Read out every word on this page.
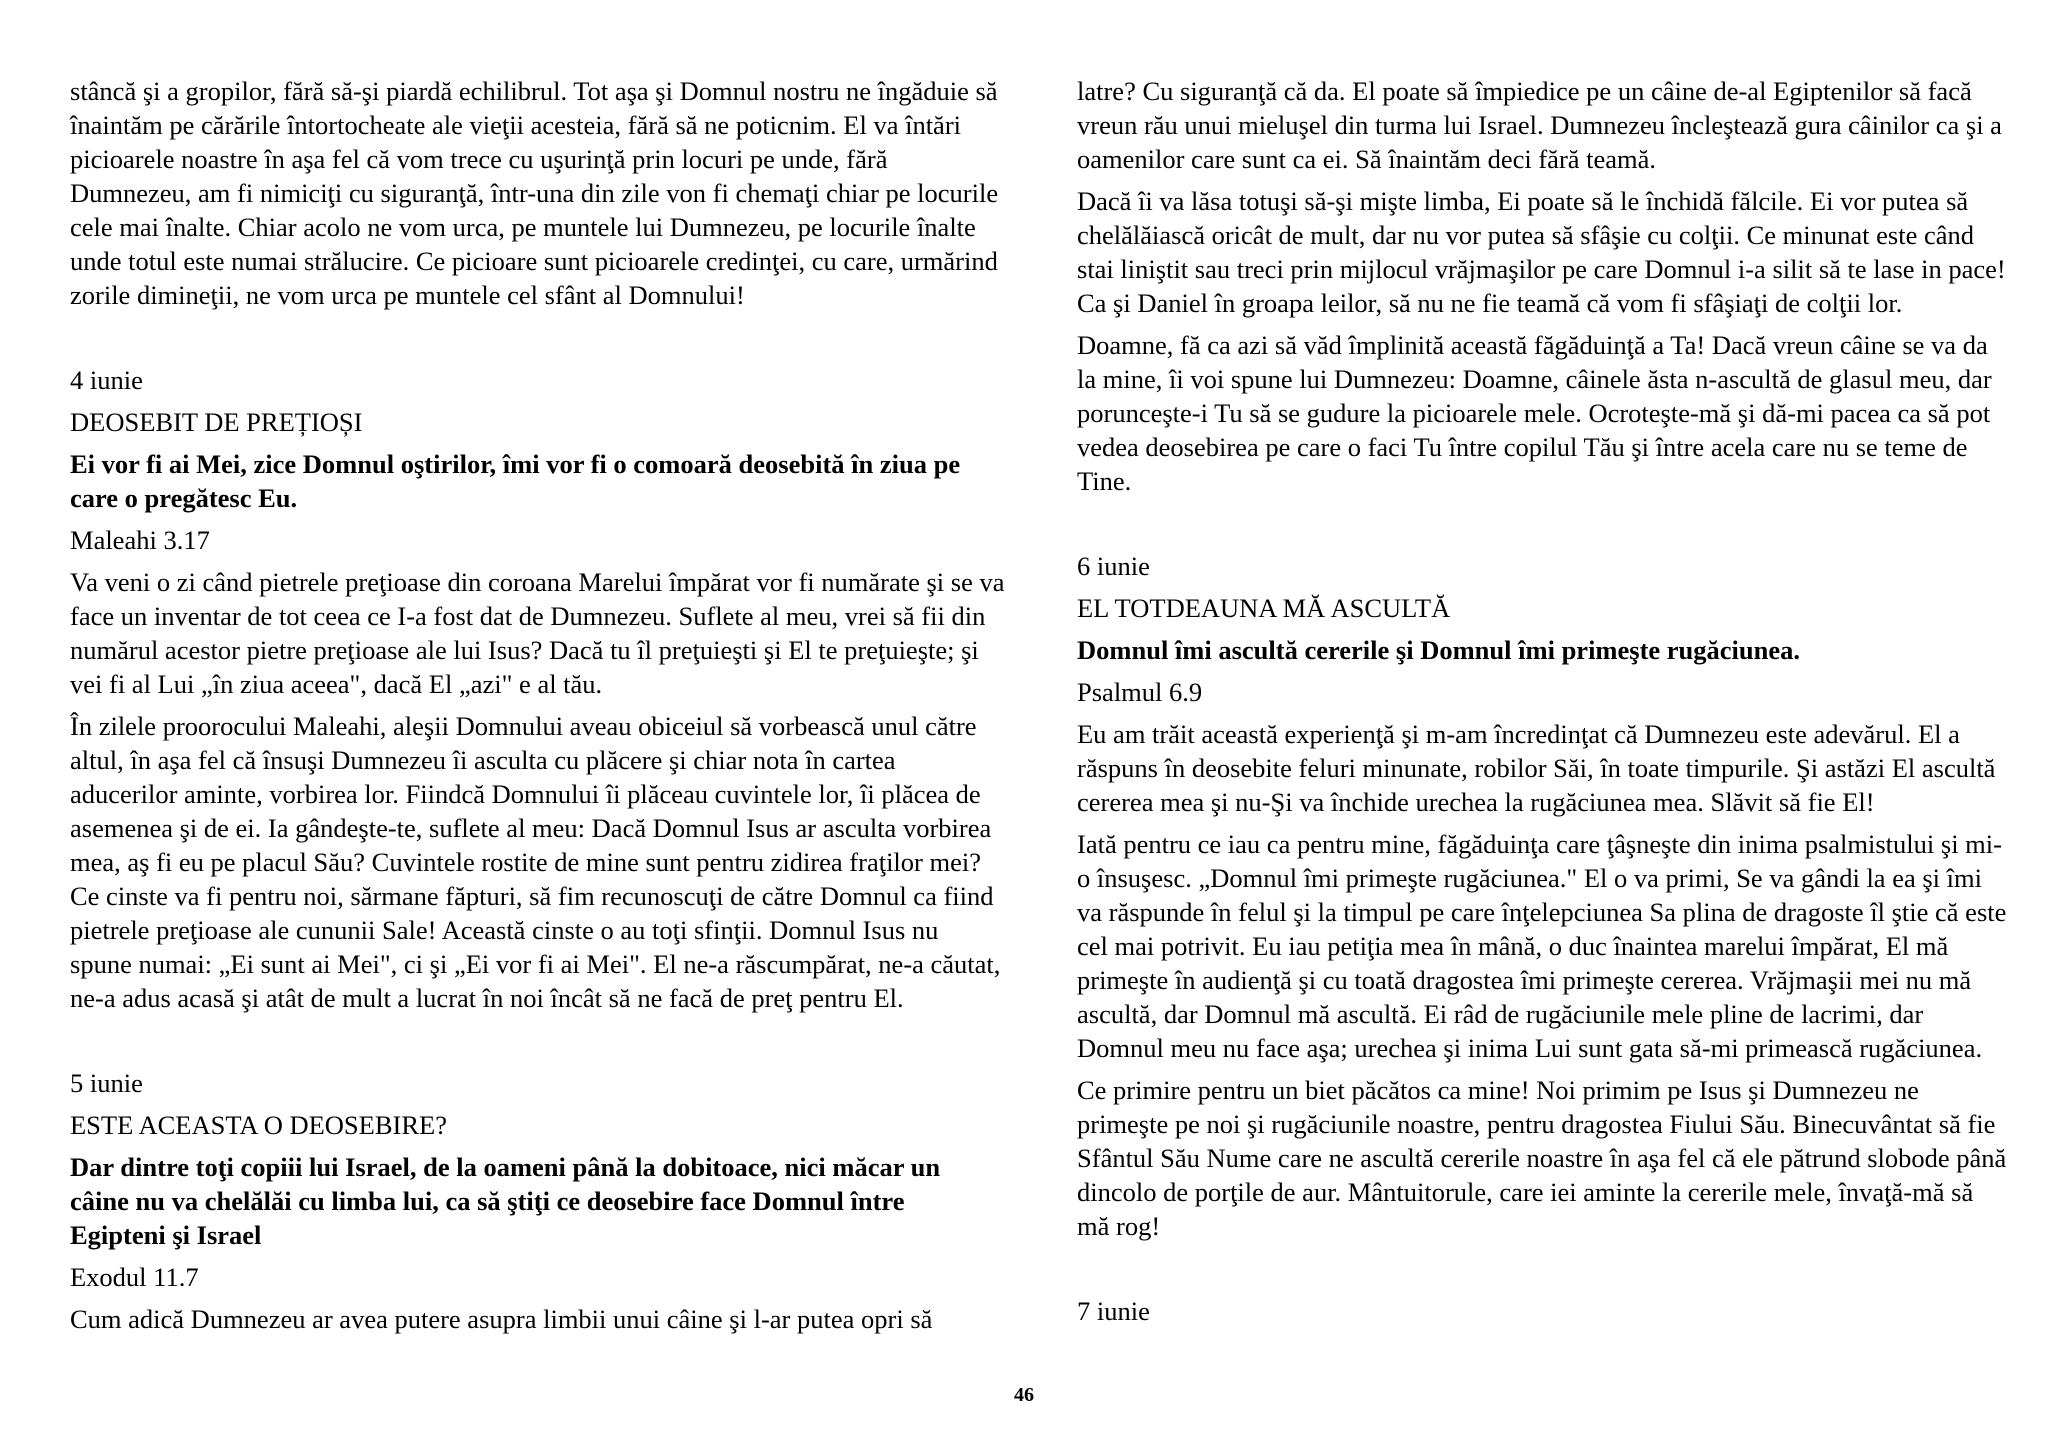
stâncă şi a gropilor, fără să-şi piardă echilibrul. Tot aşa şi Domnul nostru ne îngăduie să înaintăm pe cărările întortocheate ale vieţii acesteia, fără să ne poticnim. El va întări picioarele noastre în aşa fel că vom trece cu uşurinţă prin locuri pe unde, fără Dumnezeu, am fi nimiciţi cu siguranţă, într-una din zile von fi chemaţi chiar pe locurile cele mai înalte. Chiar acolo ne vom urca, pe muntele lui Dumnezeu, pe locurile înalte unde totul este numai strălucire. Ce picioare sunt picioarele credinţei, cu care, urmărind zorile dimineţii, ne vom urca pe muntele cel sfânt al Domnului!

4 iunie

DEOSEBIT DE PREȚIOȘI

Ei vor fi ai Mei, zice Domnul oştirilor, îmi vor fi o comoară deosebită în ziua pe care o pregătesc Eu.

Maleahi 3.17

Va veni o zi când pietrele preţioase din coroana Marelui împărat vor fi numărate şi se va face un inventar de tot ceea ce I-a fost dat de Dumnezeu. Suflete al meu, vrei să fii din numărul acestor pietre preţioase ale lui Isus? Dacă tu îl preţuieşti şi El te preţuieşte; şi vei fi al Lui „în ziua aceea", dacă El „azi" e al tău.

În zilele proorocului Maleahi, aleşii Domnului aveau obiceiul să vorbească unul către altul, în aşa fel că însuşi Dumnezeu îi asculta cu plăcere şi chiar nota în cartea aducerilor aminte, vorbirea lor. Fiindcă Domnului îi plăceau cuvintele lor, îi plăcea de asemenea şi de ei. Ia gândeşte-te, suflete al meu: Dacă Domnul Isus ar asculta vorbirea mea, aş fi eu pe placul Său? Cuvintele rostite de mine sunt pentru zidirea fraţilor mei? Ce cinste va fi pentru noi, sărmane făpturi, să fim recunoscuţi de către Domnul ca fiind pietrele preţioase ale cununii Sale! Această cinste o au toţi sfinţii. Domnul Isus nu spune numai: „Ei sunt ai Mei", ci şi „Ei vor fi ai Mei". El ne-a răscumpărat, ne-a căutat, ne-a adus acasă şi atât de mult a lucrat în noi încât să ne facă de preţ pentru El.

5 iunie

ESTE ACEASTA O DEOSEBIRE?

Dar dintre toţi copiii lui Israel, de la oameni până la dobitoace, nici măcar un câine nu va chelălăi cu limba lui, ca să ştiţi ce deosebire face Domnul între Egipteni şi Israel

Exodul 11.7

Cum adică Dumnezeu ar avea putere asupra limbii unui câine şi l-ar putea opri să

latre? Cu siguranţă că da. El poate să împiedice pe un câine de-al Egiptenilor să facă vreun rău unui mieluşel din turma lui Israel. Dumnezeu încleştează gura câinilor ca şi a oamenilor care sunt ca ei. Să înaintăm deci fără teamă.

Dacă îi va lăsa totuşi să-şi mişte limba, Ei poate să le închidă fălcile. Ei vor putea să chelălăiască oricât de mult, dar nu vor putea să sfâşie cu colţii. Ce minunat este când stai liniştit sau treci prin mijlocul vrăjmaşilor pe care Domnul i-a silit să te lase in pace! Ca şi Daniel în groapa leilor, să nu ne fie teamă că vom fi sfâşiaţi de colţii lor.

Doamne, fă ca azi să văd împlinită această făgăduinţă a Ta! Dacă vreun câine se va da la mine, îi voi spune lui Dumnezeu: Doamne, câinele ăsta n-ascultă de glasul meu, dar porunceşte-i Tu să se gudure la picioarele mele. Ocroteşte-mă şi dă-mi pacea ca să pot vedea deosebirea pe care o faci Tu între copilul Tău şi între acela care nu se teme de Tine.

6 iunie

EL TOTDEAUNA MĂ ASCULTĂ

Domnul îmi ascultă cererile şi Domnul îmi primeşte rugăciunea.

Psalmul 6.9

Eu am trăit această experienţă şi m-am încredinţat că Dumnezeu este adevărul. El a răspuns în deosebite feluri minunate, robilor Săi, în toate timpurile. Şi astăzi El ascultă cererea mea şi nu-Şi va închide urechea la rugăciunea mea. Slăvit să fie El!

Iată pentru ce iau ca pentru mine, făgăduinţa care ţâşneşte din inima psalmistului şi mi-o însuşesc. „Domnul îmi primeşte rugăciunea." El o va primi, Se va gândi la ea şi îmi va răspunde în felul şi la timpul pe care înţelepciunea Sa plina de dragoste îl ştie că este cel mai potrivit. Eu iau petiţia mea în mână, o duc înaintea marelui împărat, El mă primeşte în audienţă şi cu toată dragostea îmi primeşte cererea. Vrăjmaşii mei nu mă ascultă, dar Domnul mă ascultă. Ei râd de rugăciunile mele pline de lacrimi, dar Domnul meu nu face aşa; urechea şi inima Lui sunt gata să-mi primească rugăciunea.

Ce primire pentru un biet păcătos ca mine! Noi primim pe Isus şi Dumnezeu ne primeşte pe noi şi rugăciunile noastre, pentru dragostea Fiului Său. Binecuvântat să fie Sfântul Său Nume care ne ascultă cererile noastre în aşa fel că ele pătrund slobode până dincolo de porţile de aur. Mântuitorule, care iei aminte la cererile mele, învaţă-mă să mă rog!

7 iunie

46
